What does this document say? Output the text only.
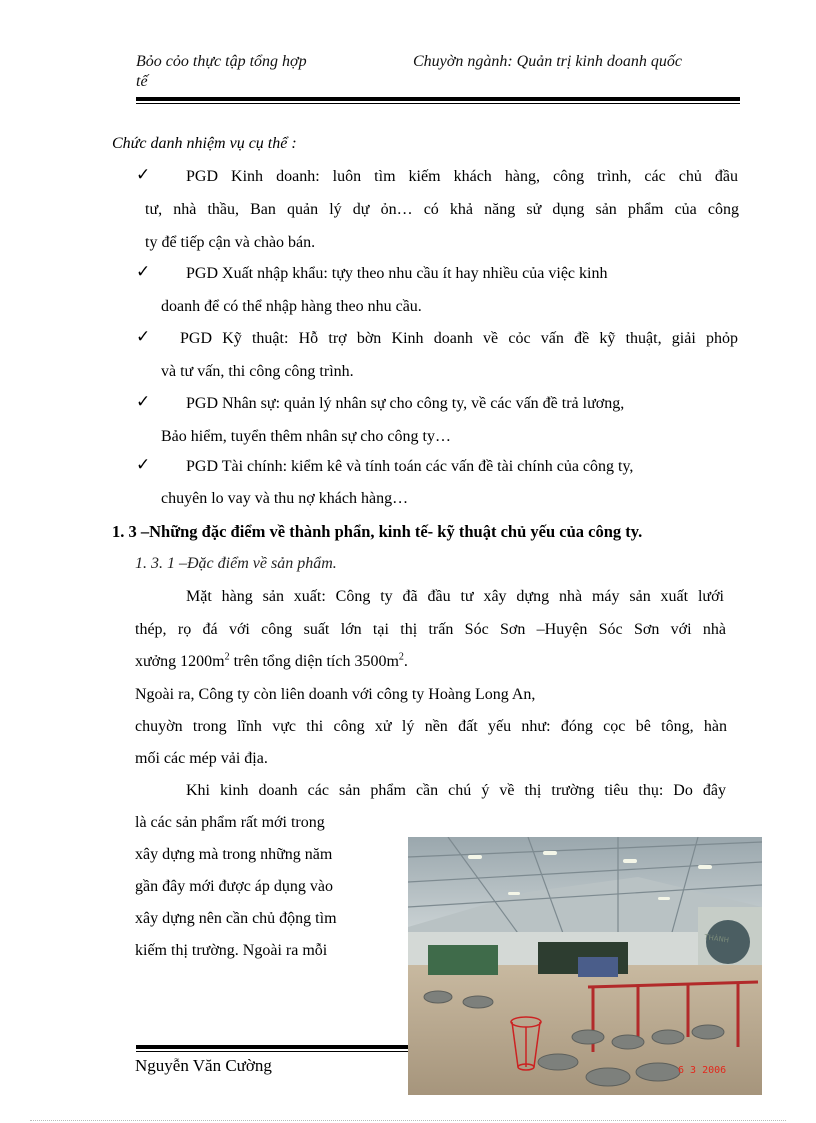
Bỏo cỏo thực tập tổng hợp
tế
Chuyờn ngành: Quản trị kinh doanh quốc
Chức danh nhiệm vụ cụ thể :
✓ PGD Kinh doanh: luôn tìm kiếm khách hàng, công trình, các chủ đầu
tư, nhà thầu, Ban quản lý dự ỏn… có khả năng sử dụng sản phẩm của công
ty để tiếp cận và chào bán.
✓ PGD Xuất nhập khẩu: tựy theo nhu cầu ít hay nhiều của việc kinh
doanh để có thể nhập hàng theo nhu cầu.
✓ PGD Kỹ thuật: Hỗ trợ bờn Kinh doanh về cỏc vấn đề kỹ thuật, giải phỏp
và tư vấn, thi công công trình.
✓ PGD Nhân sự: quản lý nhân sự cho công ty, về các vấn đề trả lương,
Bảo hiểm, tuyển thêm nhân sự cho công ty…
✓ PGD Tài chính: kiểm kê và tính toán các vấn đề tài chính của công ty,
chuyên lo vay và thu nợ khách hàng…
1. 3 –Những đặc điểm về thành phẩn, kinh tế- kỹ thuật chủ yếu của công ty.
1. 3. 1 –Đặc điểm về sản phẩm.
Mặt hàng sản xuất: Công ty đã đầu tư xây dựng nhà máy sản xuất lưới
thép, rọ đá với công suất lớn tại thị trấn Sóc Sơn –Huyện Sóc Sơn với nhà
xưởng $1200m^2$ trên tổng diện tích $3500m^2$.
Ngoài ra, Công ty còn liên doanh với công ty Hoàng Long An,
chuyờn trong lĩnh vực thi công xử lý nền đất yếu như: đóng cọc bê tông, hàn
mối các mép vải địa.
Khi kinh doanh các sản phẩm cần chú ý về thị trường tiêu thụ: Do đây
là các sản phẩm rất mới trong
xây dựng mà trong những năm
gần đây mới được áp dụng vào
xây dựng nên cần chủ động tìm
kiếm thị trường. Ngoài ra mỗi
THÀNH
6 3 2006
Nguyễn Văn Cường
